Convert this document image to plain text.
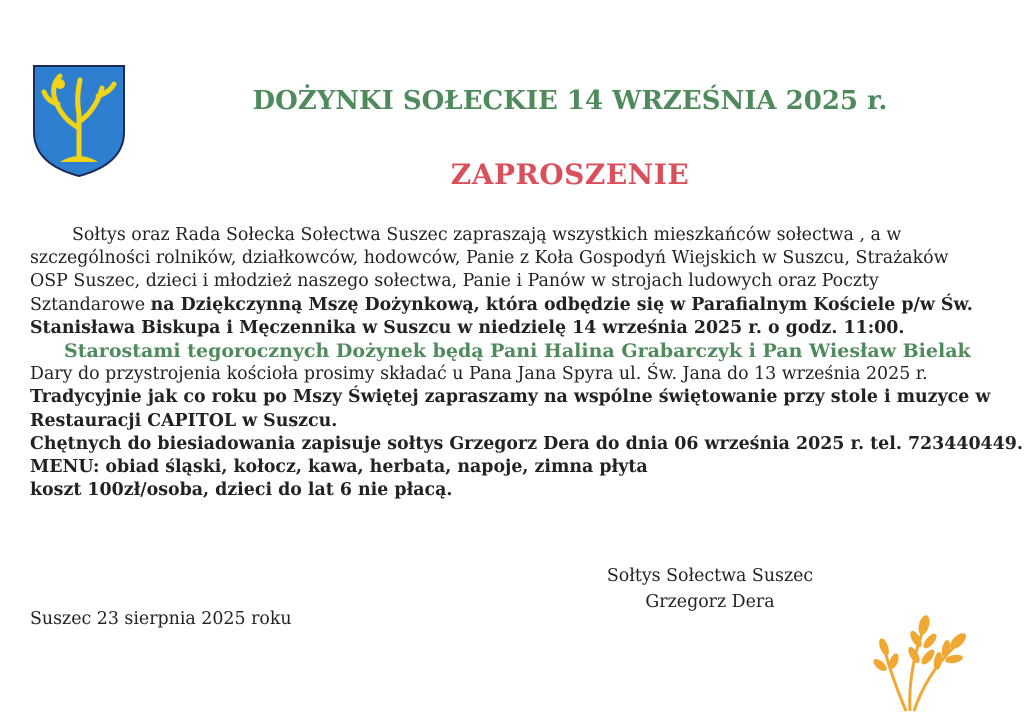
DOŻYNKI SOŁECKIE 14 WRZEŚNIA 2025 r.
ZAPROSZENIE
Sołtys oraz Rada Sołecka Sołectwa Suszec zapraszają wszystkich mieszkańców sołectwa , a w
szczególności rolników, działkowców, hodowców, Panie z Koła Gospodyń Wiejskich w Suszcu, Strażaków
OSP Suszec, dzieci i młodzież naszego sołectwa, Panie i Panów w strojach ludowych oraz Poczty
Sztandarowe na Dziękczynną Mszę Dożynkową, która odbędzie się w Parafialnym Kościele p/w Św.
Stanisława Biskupa i Męczennika w Suszcu w niedzielę 14 września 2025 r. o godz. 11:00.
Starostami tegorocznych Dożynek będą Pani Halina Grabarczyk i Pan Wiesław Bielak
Dary do przystrojenia kościoła prosimy składać u Pana Jana Spyra ul. Św. Jana do 13 września 2025 r.
Tradycyjnie jak co roku po Mszy Świętej zapraszamy na wspólne świętowanie przy stole i muzyce w
Restauracji CAPITOL w Suszcu.
Chętnych do biesiadowania zapisuje sołtys Grzegorz Dera do dnia 06 września 2025 r. tel. 723440449.
MENU: obiad śląski, kołocz, kawa, herbata, napoje, zimna płyta
koszt 100zł/osoba, dzieci do lat 6 nie płacą.
Sołtys Sołectwa Suszec
Grzegorz Dera
Suszec 23 sierpnia 2025 roku
